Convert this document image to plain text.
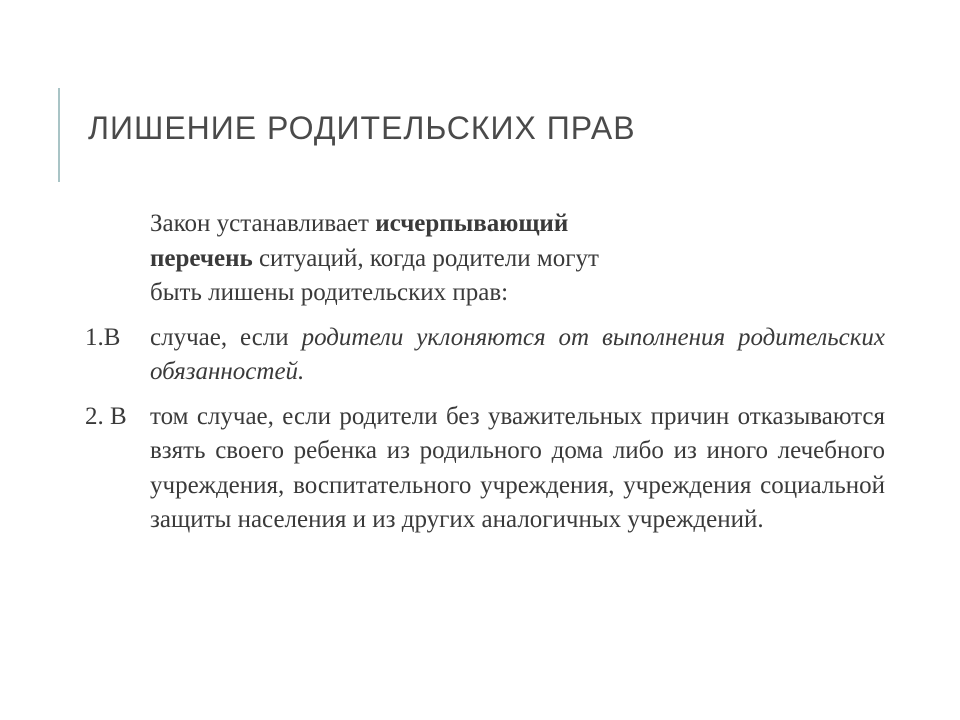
ЛИШЕНИЕ РОДИТЕЛЬСКИХ ПРАВ

Закон устанавливает исчерпывающий перечень ситуаций, когда родители могут быть лишены родительских прав:

1.В	случае, если родители уклоняются от выполнения родительских обязанностей.

2. В том случае, если родители без уважительных причин отказываются взять своего ребенка из родильного дома либо из иного лечебного учреждения, воспитательного учреждения, учреждения социальной защиты населения и из других аналогичных учреждений.
